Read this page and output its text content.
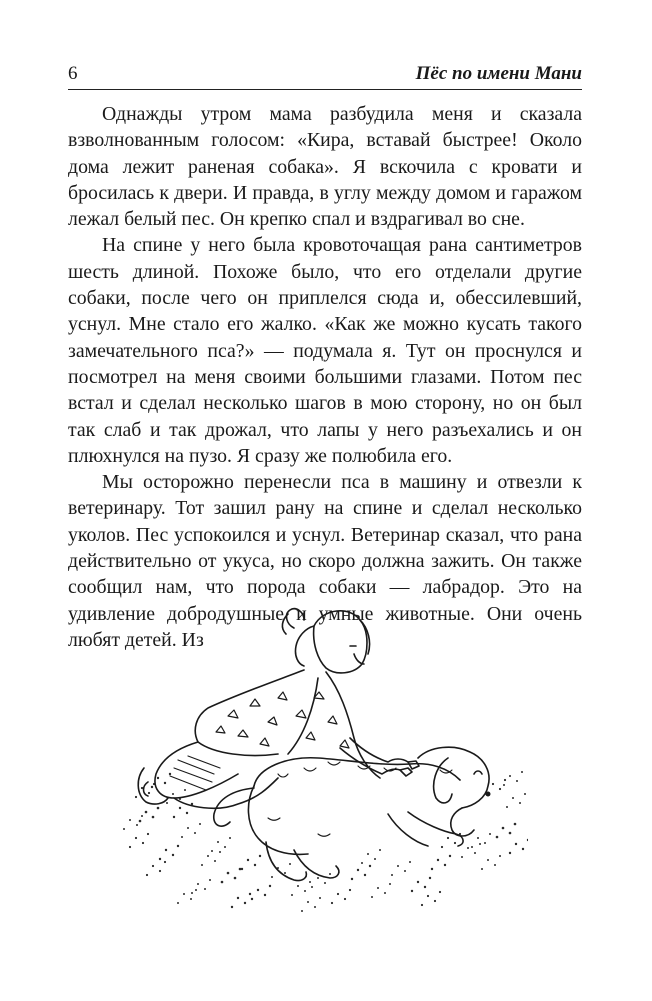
6	Пёс по имени Мани

Однажды утром мама разбудила меня и сказала взволнованным голосом: «Кира, вставай быстрее! Около дома лежит раненая собака». Я вскочила с кровати и бросилась к двери. И правда, в углу между домом и гаражом лежал белый пес. Он крепко спал и вздрагивал во сне.

На спине у него была кровоточащая рана сантиметров шесть длиной. Похоже было, что его отделали другие собаки, после чего он приплелся сюда и, обессилевший, уснул. Мне стало его жалко. «Как же можно кусать такого замечательного пса?» — подумала я. Тут он проснулся и посмотрел на меня своими большими глазами. Потом пес встал и сделал несколько шагов в мою сторону, но он был так слаб и так дрожал, что лапы у него разъехались и он плюхнулся на пузо. Я сразу же полюбила его.

Мы осторожно перенесли пса в машину и отвезли к ветеринару. Тот зашил рану на спине и сделал несколько уколов. Пес успокоился и уснул. Ветеринар сказал, что рана действительно от укуса, но скоро должна зажить. Он также сообщил нам, что порода собаки — лабрадор. Это на удивление добродушные и умные животные. Они очень любят детей. Из
